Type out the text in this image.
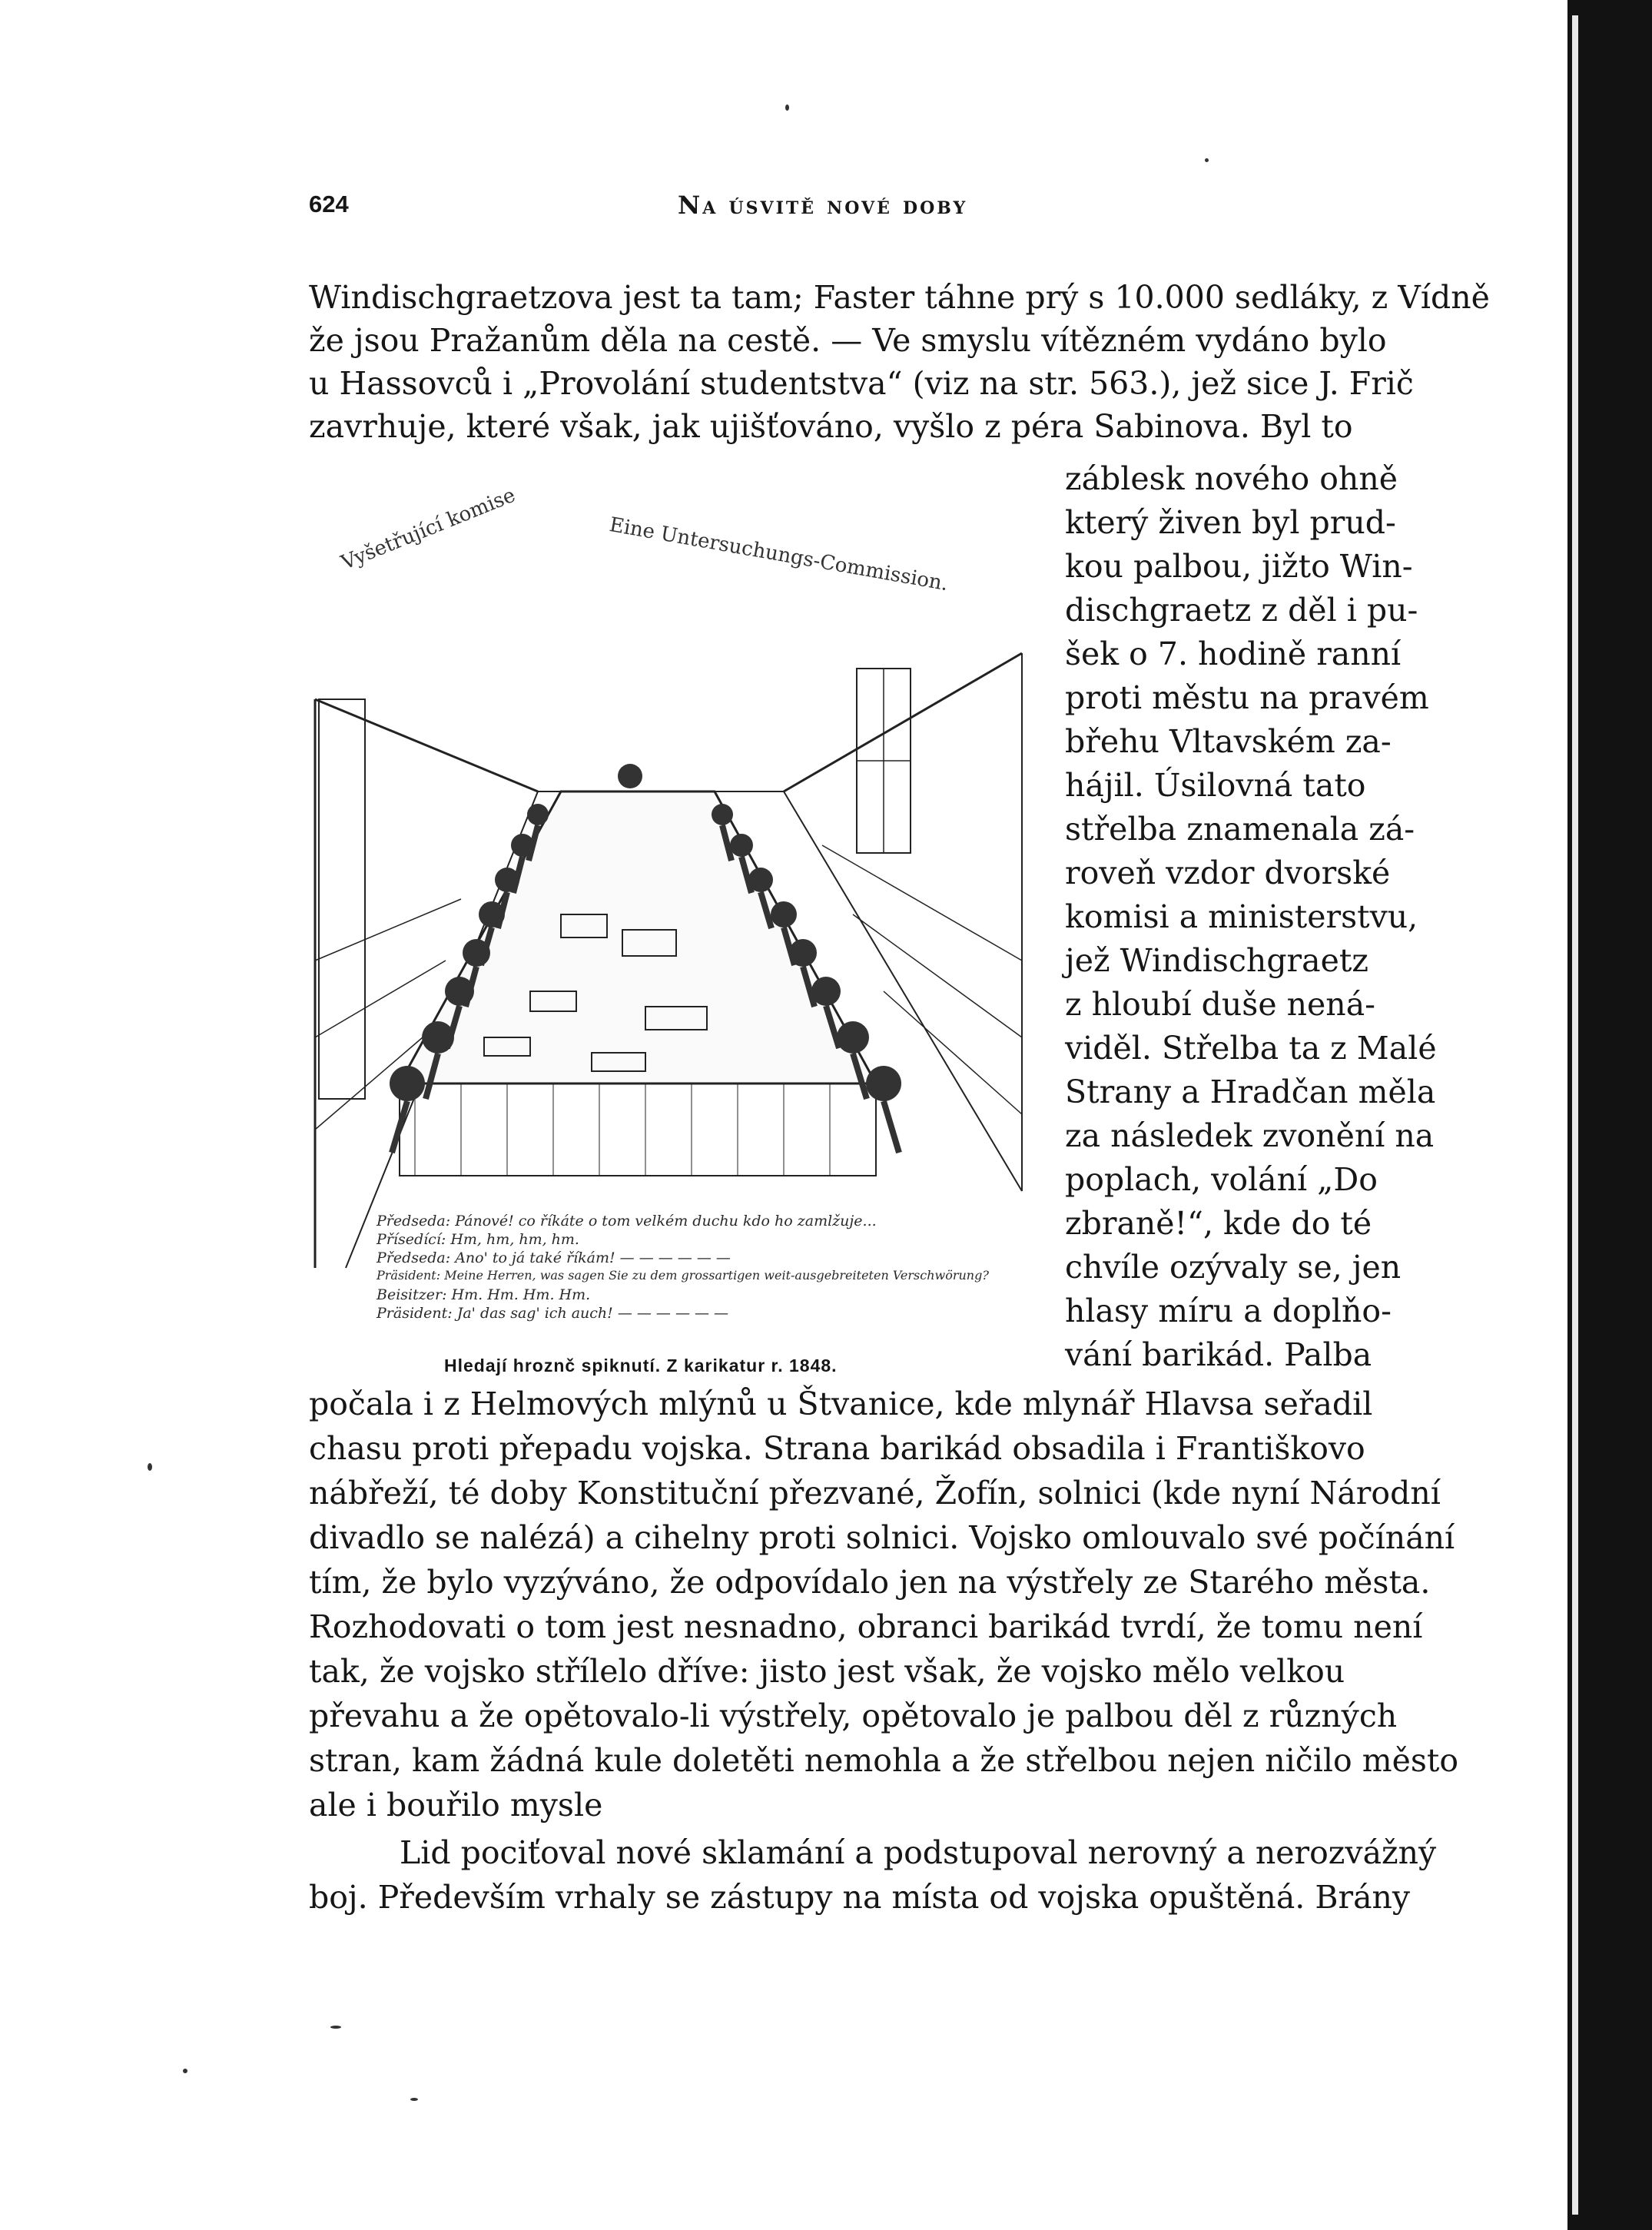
624	Na úsvitě nové doby
Windischgraetzova jest ta tam; Faster táhne prý s 10.000 sedláky, z Vídně
že jsou Pražanům děla na cestě. — Ve smyslu vítězném vydáno bylo
u Hassovců i „Provolání studentstva“ (viz na str. 563.), jež sice J. Frič
zavrhuje, které však, jak ujišťováno, vyšlo z péra Sabinova. Byl to
záblesk nového ohně
který živen byl prud-
kou palbou, jižto Win-
dischgraetz z děl i pu-
šek o 7. hodině ranní
proti městu na pravém
břehu Vltavském za-
hájil. Úsilovná tato
střelba znamenala zá-
roveň vzdor dvorské
komisi a ministerstvu,
jež Windischgraetz
z hloubí duše nená-
viděl. Střelba ta z Malé
Strany a Hradčan měla
za následek zvonění na
poplach, volání „Do
zbraně!“, kde do té
chvíle ozývaly se, jen
hlasy míru a doplňo-
vání barikád. Palba
počala i z Helmových mlýnů u Štvanice, kde mlynář Hlavsa seřadil
chasu proti přepadu vojska. Strana barikád obsadila i Františkovo
nábřeží, té doby Konstituční přezvané, Žofín, solnici (kde nyní Národní
divadlo se nalézá) a cihelny proti solnici. Vojsko omlouvalo své počínání
tím, že bylo vyzýváno, že odpovídalo jen na výstřely ze Starého města.
Rozhodovati o tom jest nesnadno, obranci barikád tvrdí, že tomu není
tak, že vojsko střílelo dříve: jisto jest však, že vojsko mělo velkou
převahu a že opětovalo-li výstřely, opětovalo je palbou děl z různých
stran, kam žádná kule doletěti nemohla a že střelbou nejen ničilo město
ale i bouřilo mysle
Lid pociťoval nové sklamání a podstupoval nerovný a nerozvážný
boj. Především vrhaly se zástupy na místa od vojska opuštěná. Brány
Vyšetřující komise	Eine Untersuchungs-Commission.
Předseda: Pánové! co říkáte o tom velkém duchu kdo ho zamlžuje...
Přísedící: Hm, hm, hm, hm.
Předseda: Ano' to já také říkám! — — — — — —
Präsident: Meine Herren, was sagen Sie zu dem grossartigen weit-ausgebreiteten Verschwörung?
Beisitzer: Hm. Hm. Hm. Hm.
Präsident: Ja' das sag' ich auch! — — — — — —
Hledají hroznč spiknutí. Z karikatur r. 1848.
